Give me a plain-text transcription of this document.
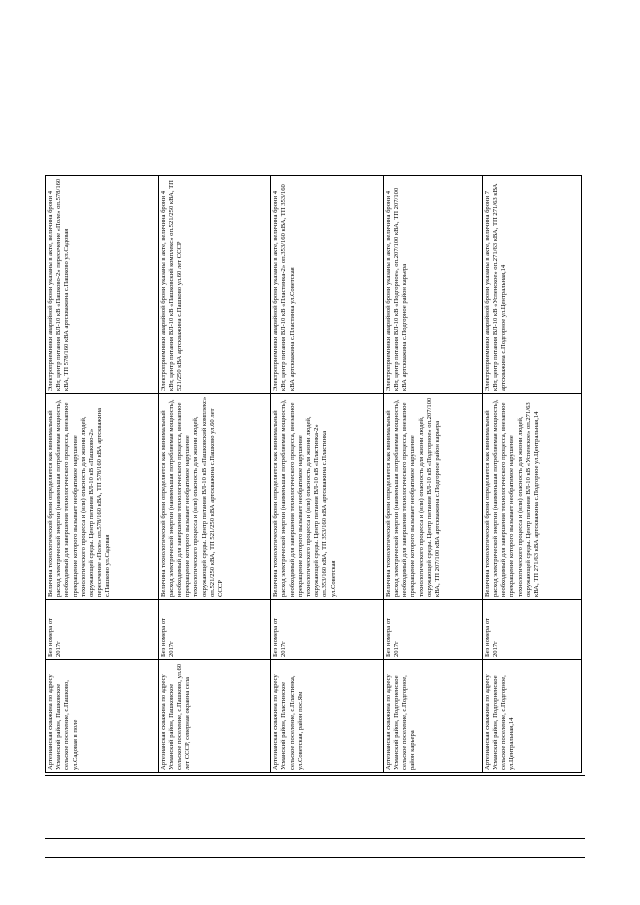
Артезианская скважина по адресу Усманский район, Пашковское сельское поселение, с.Пашково, ул.Садовая в поле	Без номера от 2017г	Величина технологической брони определяется как минимальный расход электрической энергии (наименьшая потребляемая мощность), необходимый для завершения технологического процесса, внезапное прекращение которого вызывает необратимое нарушение технологического процесса и (или) опасность для жизни людей, окружающей среды. Центр питания ВЛ-10 кВ «Пашково-2» пересечение «Поле» оп.578/160 кВА, ТП 578/160 кВА артскважина с.Пашково ул.Садовая	Электроприемники аварийной брони указаны в акте, величина брони 4 кВт, центр питания ВЛ-10 кВ «Пашково-2» пересечение «Поле» оп.578/160 кВА, ТП 578/160 кВА артскважина с.Пашково ул.Садовая
Артезианская скважина по адресу Усманский район, Пашковское сельское поселение, с.Пашково, ул.60 лет СССР, северная окраина села	Без номера от 2017г	Величина технологической брони определяется как минимальный расход электрической энергии (наименьшая потребляемая мощность), необходимый для завершения технологического процесса, внезапное прекращение которого вызывает необратимое нарушение технологического процесса и (или) опасность для жизни людей, окружающей среды. Центр питания ВЛ-10 кВ «Пашковский комплекс» оп.521/250 кВА, ТП 521/250 кВА артскважина с.Пашково ул.60 лет СССР	Электроприемники аварийной брони указаны в акте, величина брони 4 кВт, центр питания ВЛ-10 кВ «Пашковский комплекс» оп.521/250 кВА, ТП 521/250 кВА артскважина с.Пашково ул.60 лет СССР
Артезианская скважина по адресу Усманский район, Пластинское сельское поселение, с.Пластинка, ул.Советская, район пос.Ям	Без номера от 2017г	Величина технологической брони определяется как минимальный расход электрической энергии (наименьшая потребляемая мощность), необходимый для завершения технологического процесса, внезапное прекращение которого вызывает необратимое нарушение технологического процесса и (или) опасность для жизни людей, окружающей среды. Центр питания ВЛ-10 кВ «Пластинка-2» оп.353/160 кВА, ТП 353/160 кВА артскважина с.Пластинка ул.Советская	Электроприемники аварийной брони указаны в акте, величина брони 4 кВт, центр питания ВЛ-10 кВ «Пластинка-2» оп.353/160 кВА, ТП 353/160 кВА артскважина с.Пластинка ул.Советская
Артезианская скважина по адресу Усманский район, Подгорненское сельское поселение, с.Подгорное, район карьера	Без номера от 2017г	Величина технологической брони определяется как минимальный расход электрической энергии (наименьшая потребляемая мощность), необходимый для завершения технологического процесса, внезапное прекращение которого вызывает необратимое нарушение технологического процесса и (или) опасность для жизни людей, окружающей среды. Центр питания ВЛ-10 кВ «Подгорное» оп.207/100 кВА, ТП 207/100 кВА артскважина с.Подгорное район карьера	Электроприемники аварийной брони указаны в акте, величина брони 4 кВт, центр питания ВЛ-10 кВ «Подгорное», оп.207/100 кВА, ТП 207/100 кВА артскважина с.Подгорное район карьера
Артезианская скважина по адресу Усманский район, Подгорненское сельское поселение, с.Подгорное, ул.Центральная,14	Без номера от 2017г	Величина технологической брони определяется как минимальный расход электрической энергии (наименьшая потребляемая мощность), необходимый для завершения технологического процесса, внезапное прекращение которого вызывает необратимое нарушение технологического процесса и (или) опасность для жизни людей, окружающей среды. Центр питания ВЛ-10 кВ «Успенское» оп.271/63 кВА, ТП 271/63 кВА артскважина с.Подгорное ул.Центральная,14	Электроприемники аварийной брони указаны в акте, величина брони 7 кВт, центр питания ВЛ-10 кВ «Успенское» оп.271/63 кВА, ТП 271/63 кВА артскважина с.Подгорное ул.Центральная,14
